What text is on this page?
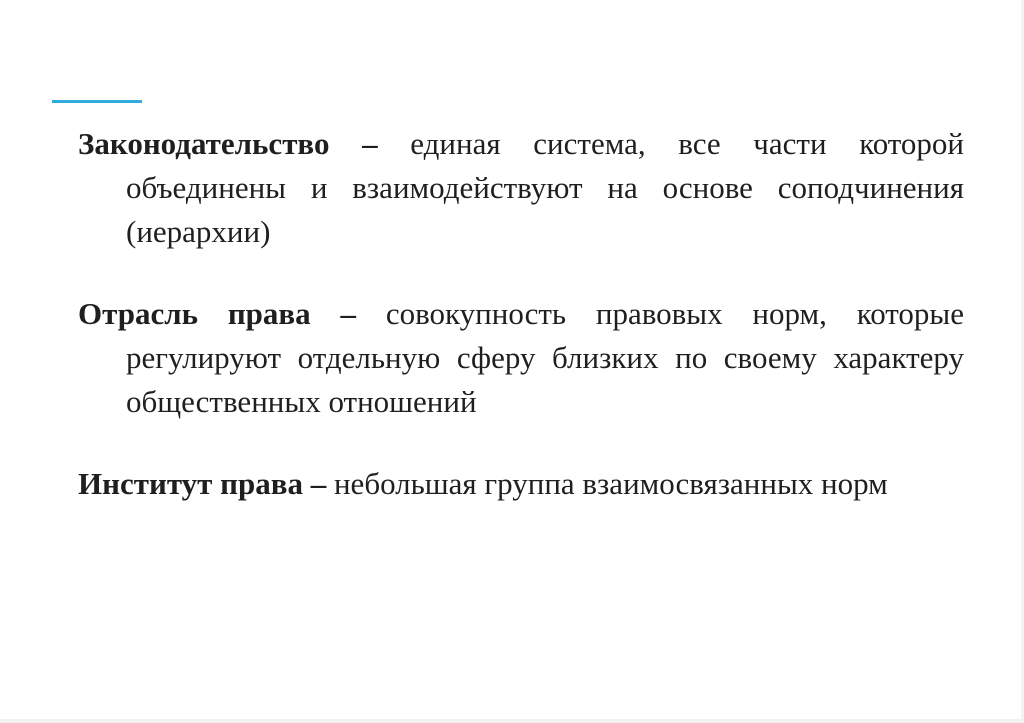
Законодательство – единая система, все части которой объединены и взаимодействуют на основе соподчинения (иерархии)

Отрасль права – совокупность правовых норм, которые регулируют отдельную сферу близких по своему характеру общественных отношений

Институт права – небольшая группа взаимосвязанных норм
